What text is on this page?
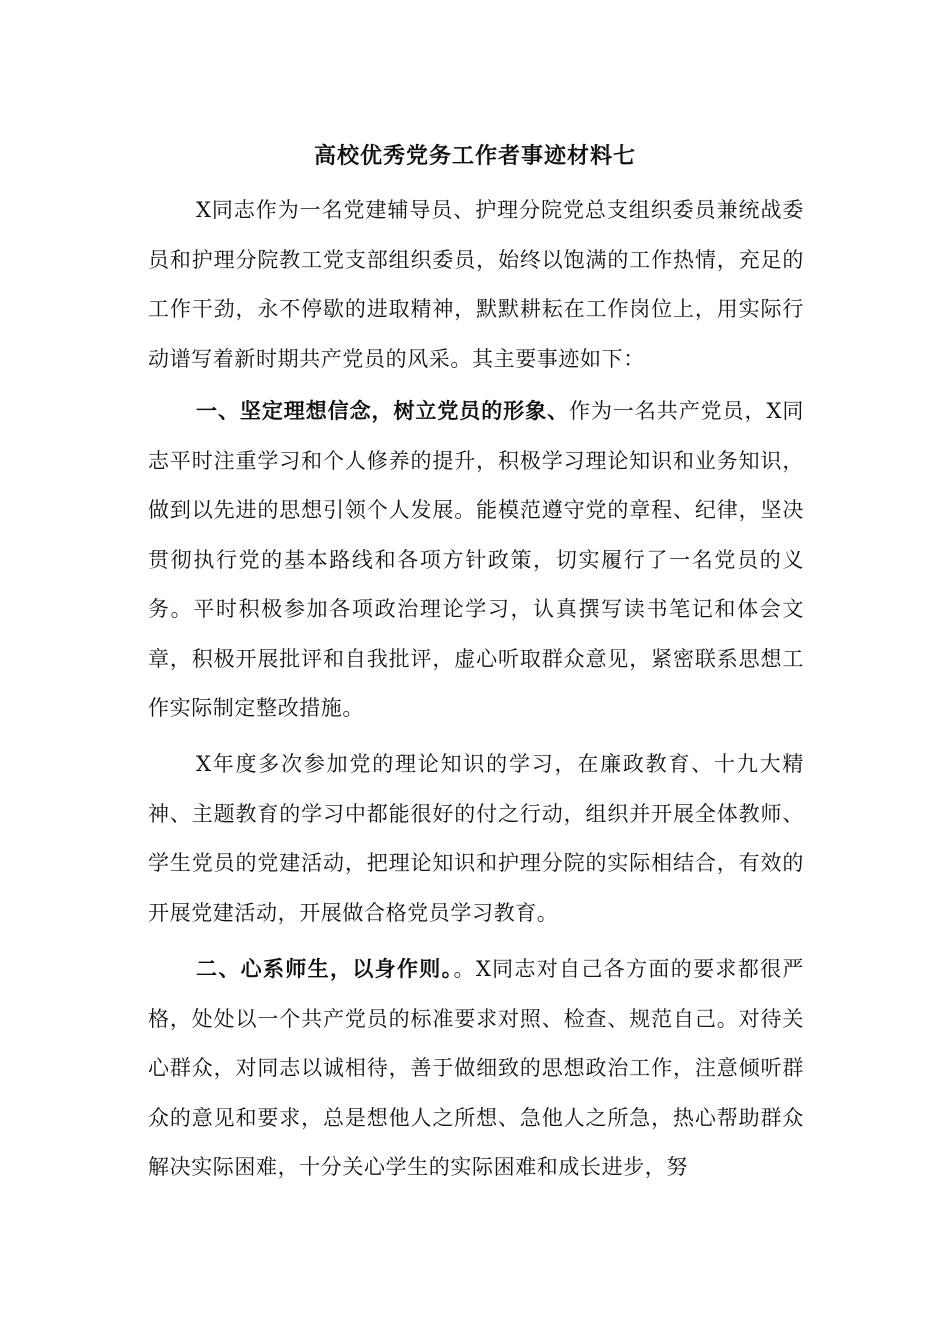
高校优秀党务工作者事迹材料七

X同志作为一名党建辅导员、护理分院党总支组织委员兼统战委员和护理分院教工党支部组织委员，始终以饱满的工作热情，充足的工作干劲，永不停歇的进取精神，默默耕耘在工作岗位上，用实际行动谱写着新时期共产党员的风采。其主要事迹如下：

一、坚定理想信念，树立党员的形象、作为一名共产党员，X同志平时注重学习和个人修养的提升，积极学习理论知识和业务知识，做到以先进的思想引领个人发展。能模范遵守党的章程、纪律，坚决贯彻执行党的基本路线和各项方针政策，切实履行了一名党员的义务。平时积极参加各项政治理论学习，认真撰写读书笔记和体会文章，积极开展批评和自我批评，虚心听取群众意见，紧密联系思想工作实际制定整改措施。

X年度多次参加党的理论知识的学习，在廉政教育、十九大精神、主题教育的学习中都能很好的付之行动，组织并开展全体教师、学生党员的党建活动，把理论知识和护理分院的实际相结合，有效的开展党建活动，开展做合格党员学习教育。

二、心系师生，以身作则。。X同志对自己各方面的要求都很严格，处处以一个共产党员的标准要求对照、检查、规范自己。对待关心群众，对同志以诚相待，善于做细致的思想政治工作，注意倾听群众的意见和要求，总是想他人之所想、急他人之所急，热心帮助群众解决实际困难，十分关心学生的实际困难和成长进步，努
